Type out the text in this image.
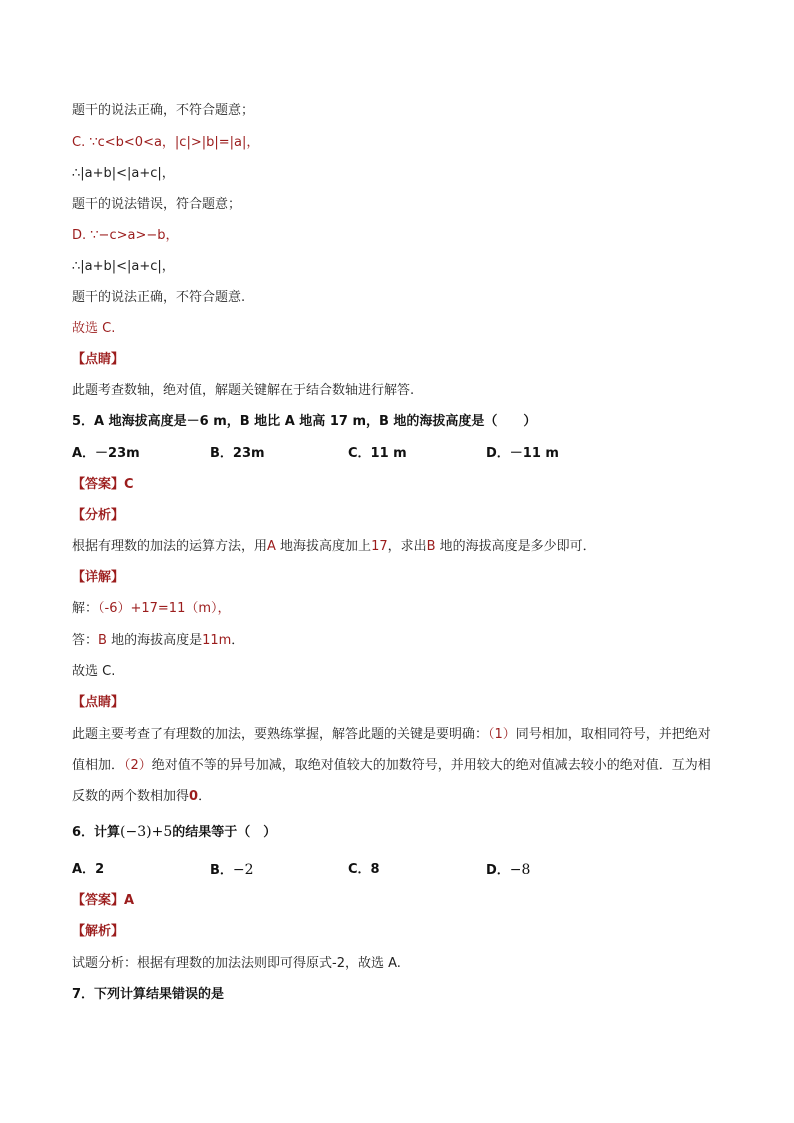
题干的说法正确，不符合题意；
C. ∵c<b<0<a，|c|>|b|=|a|，
∴|a+b|<|a+c|，
题干的说法错误，符合题意；
D. ∵−c>a>−b，
∴|a+b|<|a+c|，
题干的说法正确，不符合题意.
故选 C.
【点睛】
此题考查数轴，绝对值，解题关键解在于结合数轴进行解答.
5．A 地海拔高度是－6 m，B 地比 A 地高 17 m，B 地的海拔高度是（　　）
A．－23m	B．23m	C．11 m	D．－11 m
【答案】C
【分析】
根据有理数的加法的运算方法，用A 地海拔高度加上17，求出B 地的海拔高度是多少即可．
【详解】
解：（-6）+17=11（m），
答：B 地的海拔高度是11m．
故选 C.
【点睛】
此题主要考查了有理数的加法，要熟练掌握，解答此题的关键是要明确：（1）同号相加，取相同符号，并把绝对值相加．（2）绝对值不等的异号加减，取绝对值较大的加数符号，并用较大的绝对值减去较小的绝对值．互为相反数的两个数相加得0．
6．计算(−3)+5的结果等于（　）
A．2	B．−2	C．8	D．−8
【答案】A
【解析】
试题分析：根据有理数的加法法则即可得原式-2，故选 A.
7．下列计算结果错误的是
